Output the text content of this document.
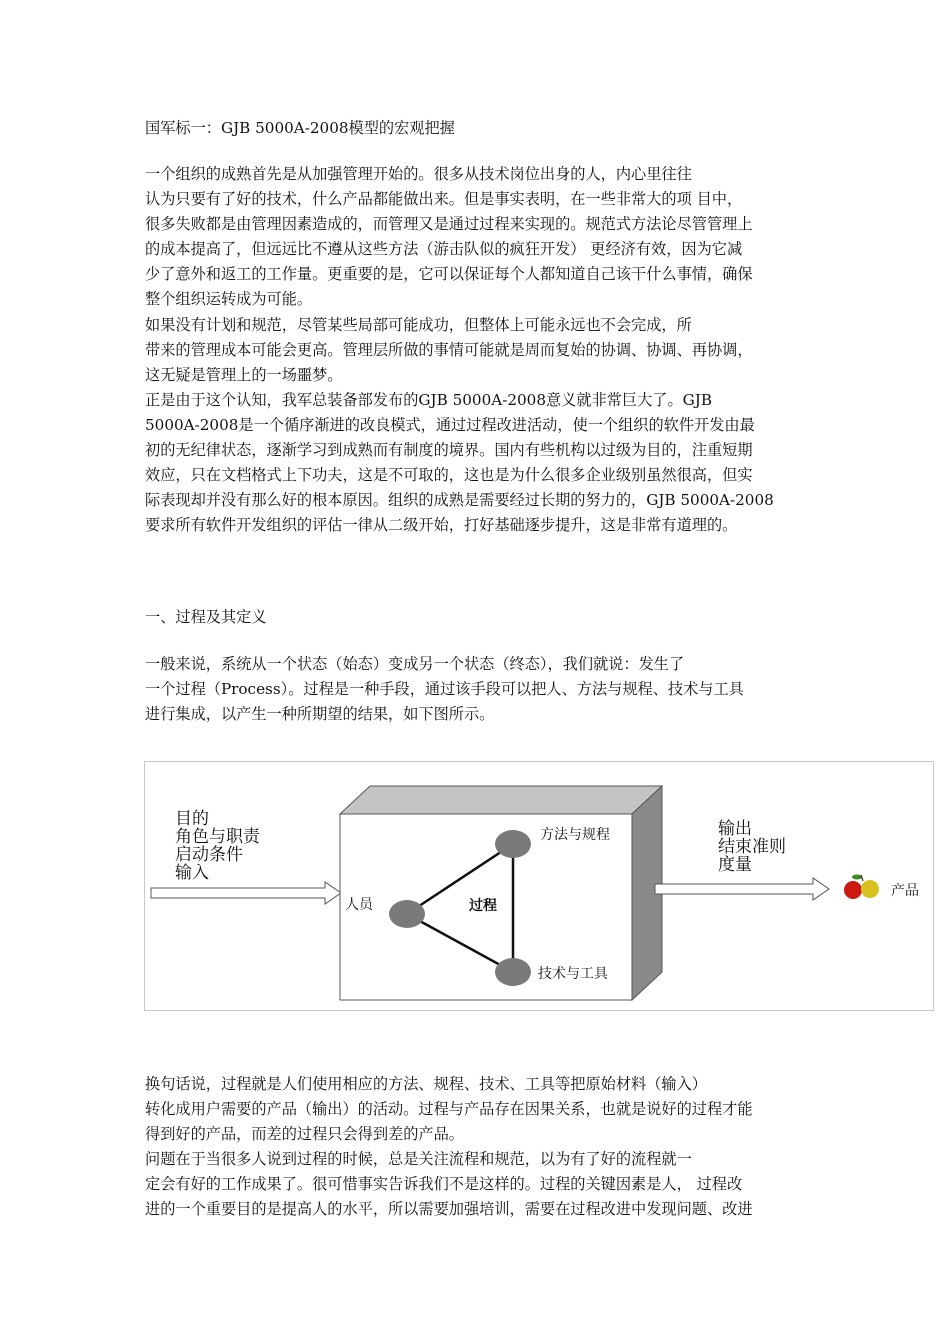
国军标一：GJB 5000A-2008模型的宏观把握
一个组织的成熟首先是从加强管理开始的。很多从技术岗位出身的人，内心里往往
认为只要有了好的技术，什么产品都能做出来。但是事实表明，在一些非常大的项 目中，
很多失败都是由管理因素造成的，而管理又是通过过程来实现的。规范式方法论尽管管理上
的成本提高了，但远远比不遵从这些方法（游击队似的疯狂开发） 更经济有效，因为它减
少了意外和返工的工作量。更重要的是，它可以保证每个人都知道自己该干什么事情，确保
整个组织运转成为可能。
如果没有计划和规范，尽管某些局部可能成功，但整体上可能永远也不会完成，所
带来的管理成本可能会更高。管理层所做的事情可能就是周而复始的协调、协调、再协调，
这无疑是管理上的一场噩梦。
正是由于这个认知，我军总装备部发布的GJB 5000A-2008意义就非常巨大了。GJB
5000A-2008是一个循序渐进的改良模式，通过过程改进活动，使一个组织的软件开发由最
初的无纪律状态，逐渐学习到成熟而有制度的境界。国内有些机构以过级为目的，注重短期
效应，只在文档格式上下功夫，这是不可取的，这也是为什么很多企业级别虽然很高，但实
际表现却并没有那么好的根本原因。组织的成熟是需要经过长期的努力的，GJB 5000A-2008
要求所有软件开发组织的评估一律从二级开始，打好基础逐步提升，这是非常有道理的。
一、过程及其定义
一般来说，系统从一个状态（始态）变成另一个状态（终态），我们就说：发生了
一个过程（Process）。过程是一种手段，通过该手段可以把人、方法与规程、技术与工具
进行集成，以产生一种所期望的结果，如下图所示。
目的
角色与职责
启动条件
输入
人员
方法与规程
技术与工具
过程
输出
结束准则
度量
产品
换句话说，过程就是人们使用相应的方法、规程、技术、工具等把原始材料（输入）
转化成用户需要的产品（输出）的活动。过程与产品存在因果关系，也就是说好的过程才能
得到好的产品，而差的过程只会得到差的产品。
问题在于当很多人说到过程的时候，总是关注流程和规范，以为有了好的流程就一
定会有好的工作成果了。很可惜事实告诉我们不是这样的。过程的关键因素是人， 过程改
进的一个重要目的是提高人的水平，所以需要加强培训，需要在过程改进中发现问题、改进
